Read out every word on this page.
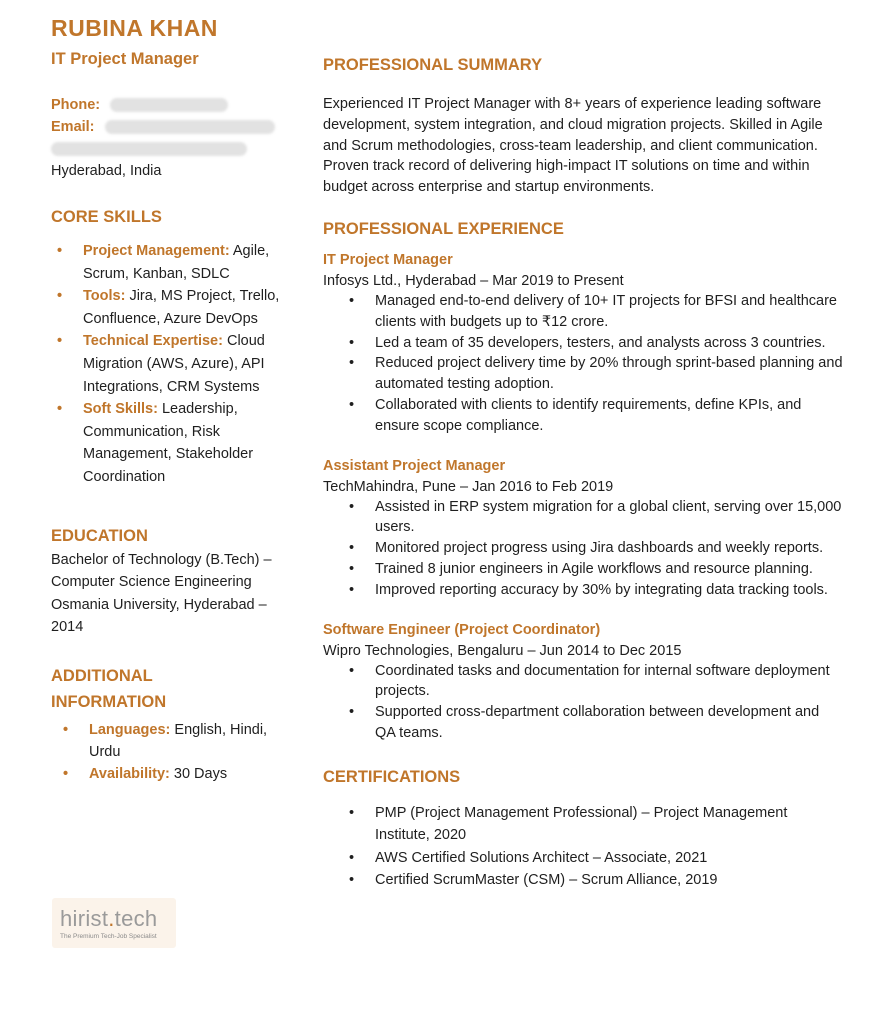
RUBINA KHAN
IT Project Manager
Phone:
Email:
Hyderabad, India
CORE SKILLS
• Project Management: Agile, Scrum, Kanban, SDLC
• Tools: Jira, MS Project, Trello, Confluence, Azure DevOps
• Technical Expertise: Cloud Migration (AWS, Azure), API Integrations, CRM Systems
• Soft Skills: Leadership, Communication, Risk Management, Stakeholder Coordination
EDUCATION
Bachelor of Technology (B.Tech) – Computer Science Engineering
Osmania University, Hyderabad – 2014
ADDITIONAL INFORMATION
• Languages: English, Hindi, Urdu
• Availability: 30 Days
hirist.tech
The Premium Tech-Job Specialist
PROFESSIONAL SUMMARY
Experienced IT Project Manager with 8+ years of experience leading software development, system integration, and cloud migration projects. Skilled in Agile and Scrum methodologies, cross-team leadership, and client communication. Proven track record of delivering high-impact IT solutions on time and within budget across enterprise and startup environments.
PROFESSIONAL EXPERIENCE
IT Project Manager
Infosys Ltd., Hyderabad – Mar 2019 to Present
• Managed end-to-end delivery of 10+ IT projects for BFSI and healthcare clients with budgets up to ₹12 crore.
• Led a team of 35 developers, testers, and analysts across 3 countries.
• Reduced project delivery time by 20% through sprint-based planning and automated testing adoption.
• Collaborated with clients to identify requirements, define KPIs, and ensure scope compliance.
Assistant Project Manager
TechMahindra, Pune – Jan 2016 to Feb 2019
• Assisted in ERP system migration for a global client, serving over 15,000 users.
• Monitored project progress using Jira dashboards and weekly reports.
• Trained 8 junior engineers in Agile workflows and resource planning.
• Improved reporting accuracy by 30% by integrating data tracking tools.
Software Engineer (Project Coordinator)
Wipro Technologies, Bengaluru – Jun 2014 to Dec 2015
• Coordinated tasks and documentation for internal software deployment projects.
• Supported cross-department collaboration between development and QA teams.
CERTIFICATIONS
• PMP (Project Management Professional) – Project Management Institute, 2020
• AWS Certified Solutions Architect – Associate, 2021
• Certified ScrumMaster (CSM) – Scrum Alliance, 2019
